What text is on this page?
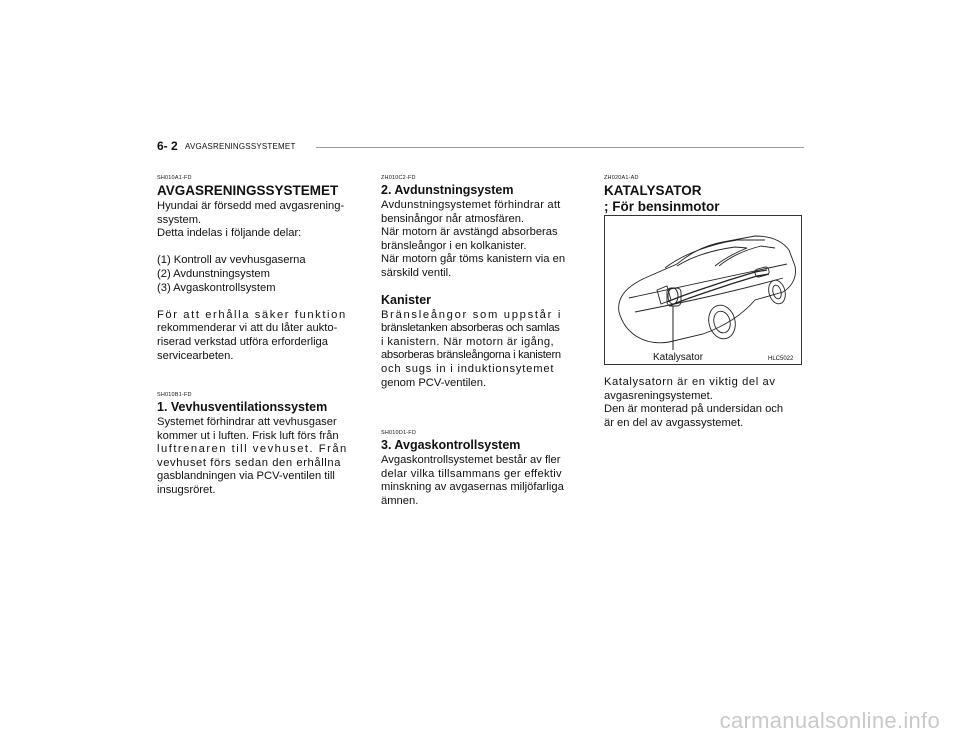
6- 2 AVGASRENINGSSYSTEMET
SH010A1-FD
AVGASRENINGSSYSTEMET
Hyundai är försedd med avgasrening-
ssystem.
Detta indelas i följande delar:
(1) Kontroll av vevhusgaserna
(2) Avdunstningsystem
(3) Avgaskontrollsystem
För att erhålla säker funktion
rekommenderar vi att du låter aukto-
riserad verkstad utföra erforderliga
servicearbeten.
SH010B1-FD
1. Vevhusventilationssystem
Systemet förhindrar att vevhusgaser
kommer ut i luften. Frisk luft förs från
luftrenaren till vevhuset. Från
vevhuset förs sedan den erhållna
gasblandningen via PCV-ventilen till
insugsröret.
ZH010C2-FD
2. Avdunstningsystem
Avdunstningsystemet förhindrar att
bensinångor når atmosfären.
När motorn är avstängd absorberas
bränsleångor i en kolkanister.
När motorn går töms kanistern via en
särskild ventil.
Kanister
Bränsleångor som uppstår i
bränsletanken absorberas och samlas
i kanistern. När motorn är igång,
absorberas bränsleångorna i kanistern
och sugs in i induktionsytemet
genom PCV-ventilen.
SH010D1-FD
3. Avgaskontrollsystem
Avgaskontrollsystemet består av fler
delar vilka tillsammans ger effektiv
minskning av avgasernas miljöfarliga
ämnen.
ZH020A1-AD
KATALYSATOR
; För bensinmotor
Katalysator	HLC5022
Katalysatorn är en viktig del av
avgasreningsystemet.
Den är monterad på undersidan och
är en del av avgassystemet.
carmanualsonline.info
